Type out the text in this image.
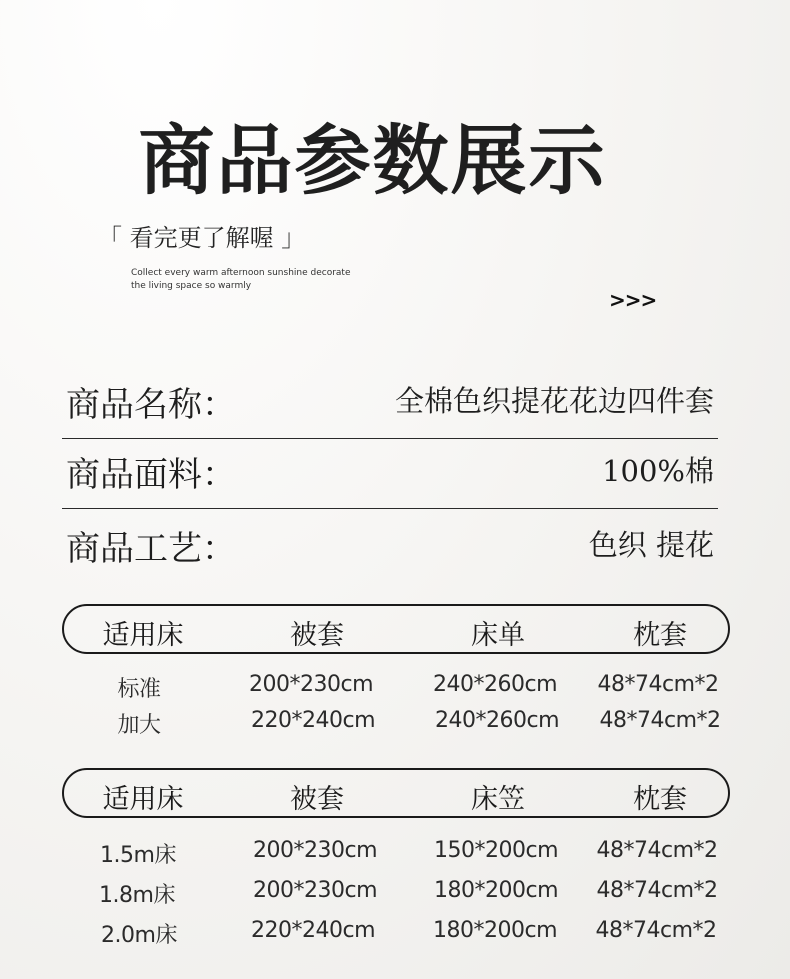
商品参数展示
「 看完更了解喔 」
Collect every warm afternoon sunshine decorate
the living space so warmly
>>>
商品名称：	全棉色织提花花边四件套
商品面料：	100%棉
商品工艺：	色织 提花
适用床	被套	床单	枕套
标准	200*230cm	240*260cm 48*74cm*2
加大	220*240cm	240*260cm 48*74cm*2
适用床	被套	床笠	枕套
1.5m床	200*230cm	150*200cm 48*74cm*2
1.8m床	200*230cm	180*200cm 48*74cm*2
2.0m床	220*240cm	180*200cm 48*74cm*2
